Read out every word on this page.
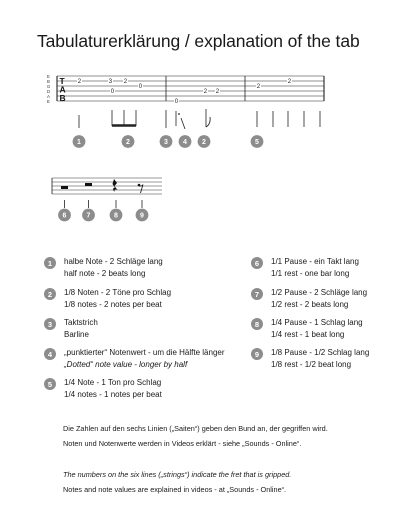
Tabulaturerklärung / explanation of the tab
E
B
G
D
A
E
T
A
B
2	3 2
0
0	2 2
2
2
0
1	2	3 4 2	5
6	7	8	9
1	halbe Note - 2 Schläge lang
half note - 2 beats long
2	1/8 Noten - 2 Töne pro Schlag
1/8 notes - 2 notes per beat
3	Taktstrich
Barline
4	„punktierter“ Notenwert - um die Hälfte länger
„Dotted“ note value - longer by half
5	1/4 Note - 1 Ton pro Schlag
1/4 notes - 1 notes per beat
6	1/1 Pause - ein Takt lang
1/1 rest - one bar long
7	1/2 Pause - 2 Schläge lang
1/2 rest - 2 beats long
8	1/4 Pause - 1 Schlag lang
1/4 rest - 1 beat long
9	1/8 Pause - 1/2 Schlag lang
1/8 rest - 1/2 beat long
Die Zahlen auf den sechs Linien („Saiten“) geben den Bund an, der gegriffen wird.
Noten und Notenwerte werden in Videos erklärt - siehe „Sounds - Online“.
The numbers on the six lines („strings“) indicate the fret that is gripped.
Notes and note values are explained in videos - at „Sounds - Online“.
